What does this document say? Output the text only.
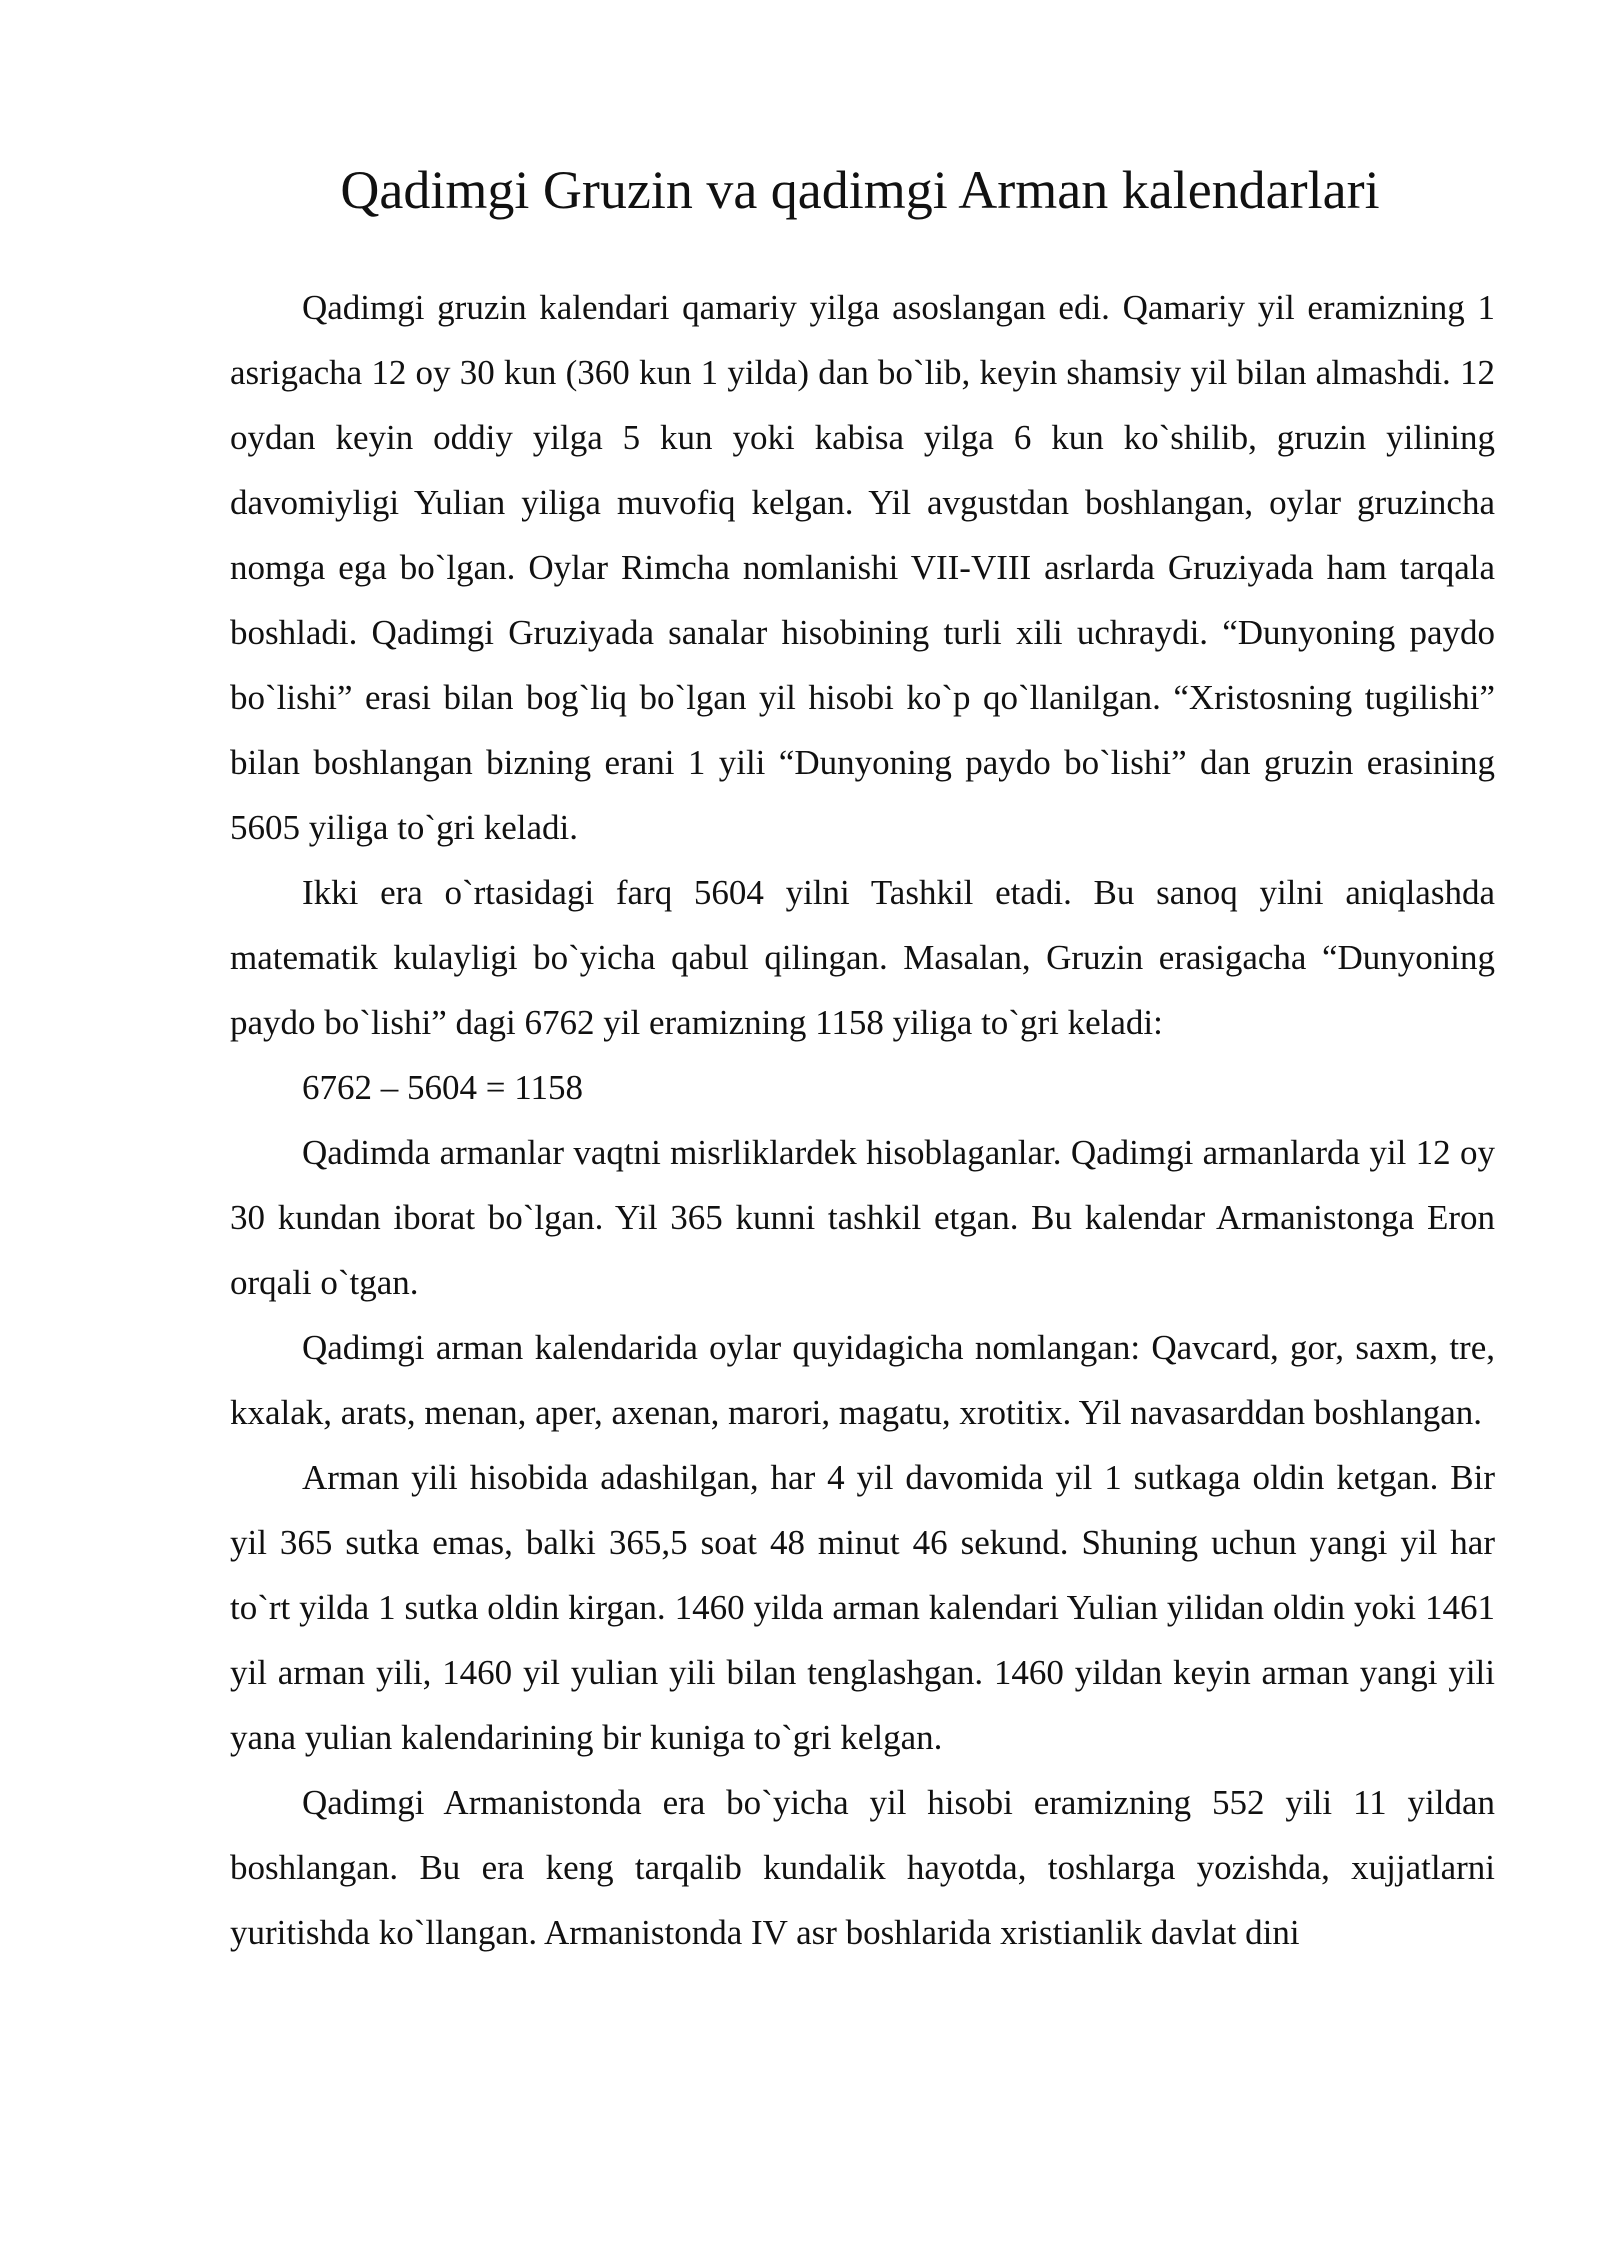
Qadimgi Gruzin va qadimgi Arman kalendarlari

Qadimgi gruzin kalendari qamariy yilga asoslangan edi. Qamariy yil eramizning 1 asrigacha 12 oy 30 kun (360 kun 1 yilda) dan bo`lib, keyin shamsiy yil bilan almashdi. 12 oydan keyin oddiy yilga 5 kun yoki kabisa yilga 6 kun ko`shilib, gruzin yilining davomiyligi Yulian yiliga muvofiq kelgan. Yil avgustdan boshlangan, oylar gruzincha nomga ega bo`lgan. Oylar Rimcha nomlanishi VII-VIII asrlarda Gruziyada ham tarqala boshladi. Qadimgi Gruziyada sanalar hisobining turli xili uchraydi. “Dunyoning paydo bo`lishi” erasi bilan bog`liq bo`lgan yil hisobi ko`p qo`llanilgan. “Xristosning tugilishi” bilan boshlangan bizning erani 1 yili “Dunyoning paydo bo`lishi” dan gruzin erasining 5605 yiliga to`gri keladi.

Ikki era o`rtasidagi farq 5604 yilni Tashkil etadi. Bu sanoq yilni aniqlashda matematik kulayligi bo`yicha qabul qilingan. Masalan, Gruzin erasigacha “Dunyoning paydo bo`lishi” dagi 6762 yil eramizning 1158 yiliga to`gri keladi:

6762 – 5604 = 1158

Qadimda armanlar vaqtni misrliklardek hisoblaganlar. Qadimgi armanlarda yil 12 oy 30 kundan iborat bo`lgan. Yil 365 kunni tashkil etgan. Bu kalendar Armanistonga Eron orqali o`tgan.

Qadimgi arman kalendarida oylar quyidagicha nomlangan: Qavcard, gor, saxm, tre, kxalak, arats, menan, aper, axenan, marori, magatu, xrotitix. Yil navasarddan boshlangan.

Arman yili hisobida adashilgan, har 4 yil davomida yil 1 sutkaga oldin ketgan. Bir yil 365 sutka emas, balki 365,5 soat 48 minut 46 sekund. Shuning uchun yangi yil har to`rt yilda 1 sutka oldin kirgan. 1460 yilda arman kalendari Yulian yilidan oldin yoki 1461 yil arman yili, 1460 yil yulian yili bilan tenglashgan. 1460 yildan keyin arman yangi yili yana yulian kalendarining bir kuniga to`gri kelgan.

Qadimgi Armanistonda era bo`yicha yil hisobi eramizning 552 yili 11 yildan boshlangan. Bu era keng tarqalib kundalik hayotda, toshlarga yozishda, xujjatlarni yuritishda ko`llangan. Armanistonda IV asr boshlarida xristianlik davlat dini
